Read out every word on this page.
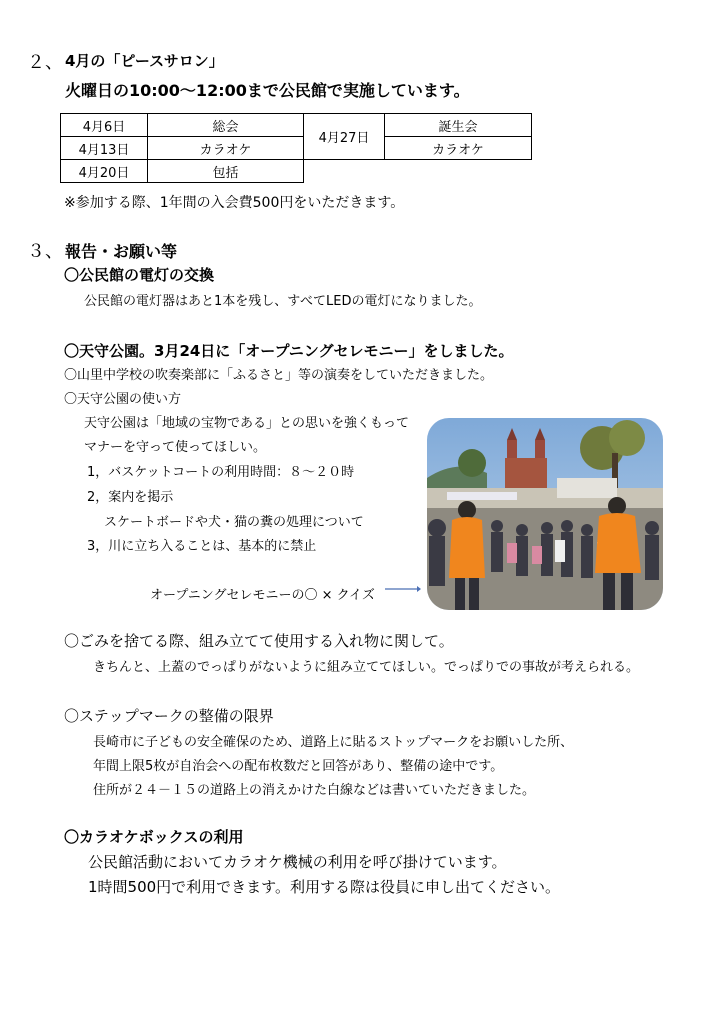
２、 4月の「ピースサロン」
火曜日の10:00～12:00まで公民館で実施しています。
4月6日	総会	4月27日	誕生会
4月13日	カラオケ		カラオケ
4月20日	包括		
※参加する際、1年間の入会費500円をいただきます。
３、 報告・お願い等
〇公民館の電灯の交換
公民館の電灯器はあと1本を残し、すべてLEDの電灯になりました。
〇天守公園。3月24日に「オープニングセレモニー」をしました。
〇山里中学校の吹奏楽部に「ふるさと」等の演奏をしていただきました。
〇天守公園の使い方
天守公園は「地域の宝物である」との思いを強くもって
マナーを守って使ってほしい。
1，バスケットコートの利用時間：８～２０時
2，案内を掲示
スケートボードや犬・猫の糞の処理について
3，川に立ち入ることは、基本的に禁止
オープニングセレモニーの〇 × クイズ
〇ごみを捨てる際、組み立てて使用する入れ物に関して。
きちんと、上蓋のでっぱりがないように組み立ててほしい。でっぱりでの事故が考えられる。
〇ステップマークの整備の限界
長崎市に子どもの安全確保のため、道路上に貼るストップマークをお願いした所、
年間上限5枚が自治会への配布枚数だと回答があり、整備の途中です。
住所が２４－１５の道路上の消えかけた白線などは書いていただきました。
〇カラオケボックスの利用
公民館活動においてカラオケ機械の利用を呼び掛けています。
1時間500円で利用できます。利用する際は役員に申し出てください。
